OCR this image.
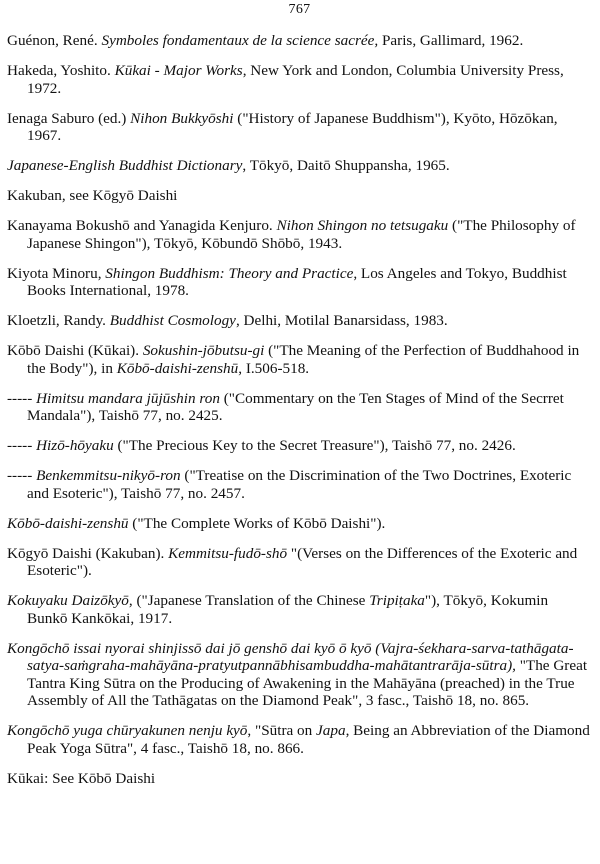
767

Guénon, René. Symboles fondamentaux de la science sacrée, Paris, Gallimard, 1962.

Hakeda, Yoshito. Kūkai - Major Works, New York and London, Columbia University Press, 1972.

Ienaga Saburo (ed.) Nihon Bukkyōshi ("History of Japanese Buddhism"), Kyōto, Hōzōkan, 1967.

Japanese-English Buddhist Dictionary, Tōkyō, Daitō Shuppansha, 1965.

Kakuban, see Kōgyō Daishi

Kanayama Bokushō and Yanagida Kenjuro. Nihon Shingon no tetsugaku ("The Philosophy of Japanese Shingon"), Tōkyō, Kōbundō Shōbō, 1943.

Kiyota Minoru, Shingon Buddhism: Theory and Practice, Los Angeles and Tokyo, Buddhist Books International, 1978.

Kloetzli, Randy. Buddhist Cosmology, Delhi, Motilal Banarsidass, 1983.

Kōbō Daishi (Kūkai). Sokushin-jōbutsu-gi ("The Meaning of the Perfection of Buddhahood in the Body"), in Kōbō-daishi-zenshū, I.506-518.

----- Himitsu mandara jūjūshin ron ("Commentary on the Ten Stages of Mind of the Secrret Mandala"), Taishō 77, no. 2425.

----- Hizō-hōyaku ("The Precious Key to the Secret Treasure"), Taishō 77, no. 2426.

----- Benkemmitsu-nikyō-ron ("Treatise on the Discrimination of the Two Doctrines, Exoteric and Esoteric"), Taishō 77, no. 2457.

Kōbō-daishi-zenshū ("The Complete Works of Kōbō Daishi").

Kōgyō Daishi (Kakuban). Kemmitsu-fudō-shō "(Verses on the Differences of the Exoteric and Esoteric").

Kokuyaku Daizōkyō, ("Japanese Translation of the Chinese Tripiṭaka"), Tōkyō, Kokumin Bunkō Kankōkai, 1917.

Kongōchō issai nyorai shinjissō dai jō genshō dai kyō ō kyō (Vajra-śekhara-sarva-tathāgata-satya-saṁgraha-mahāyāna-pratyutpannābhisambuddha-mahātantrarāja-sūtra), "The Great Tantra King Sūtra on the Producing of Awakening in the Mahāyāna (preached) in the True Assembly of All the Tathāgatas on the Diamond Peak", 3 fasc., Taishō 18, no. 865.

Kongōchō yuga chūryakunen nenju kyō, "Sūtra on Japa, Being an Abbreviation of the Diamond Peak Yoga Sūtra", 4 fasc., Taishō 18, no. 866.

Kūkai: See Kōbō Daishi
